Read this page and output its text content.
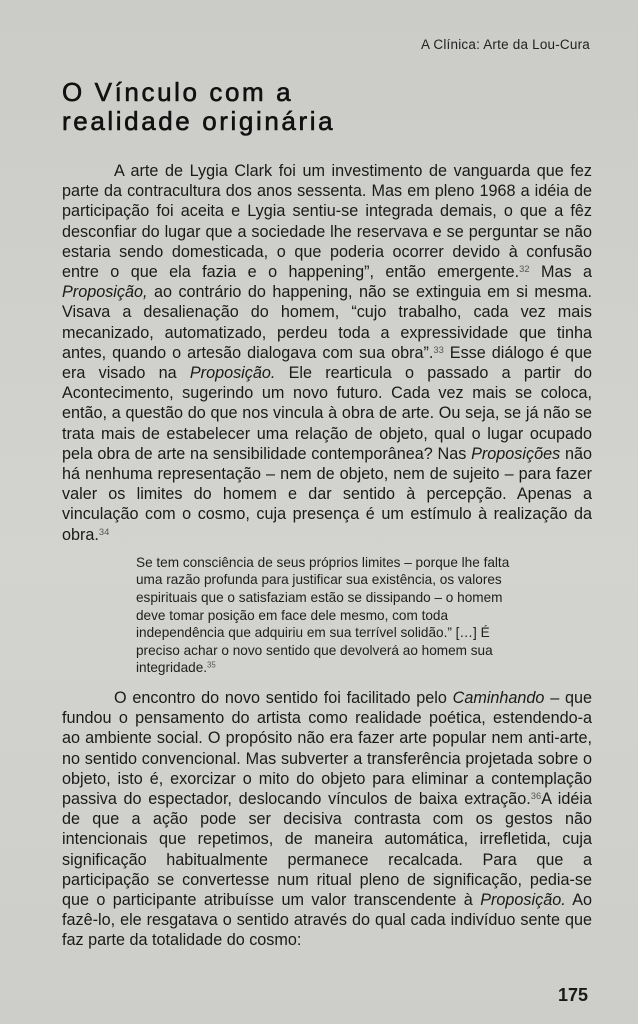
A Clínica: Arte da Lou-Cura
O Vínculo com a
realidade originária

A arte de Lygia Clark foi um investimento de vanguarda que fez parte da contracultura dos anos sessenta. Mas em pleno 1968 a idéia de participação foi aceita e Lygia sentiu-se integrada demais, o que a fêz desconfiar do lugar que a sociedade lhe reservava e se perguntar se não estaria sendo domesticada, o que poderia ocorrer devido à confusão entre o que ela fazia e o happening”, então emergente.$^{32}$ Mas a Proposição, ao contrário do happening, não se extinguia em si mesma. Visava a desalienação do homem, “cujo trabalho, cada vez mais mecanizado, automatizado, perdeu toda a expressividade que tinha antes, quando o artesão dialogava com sua obra”.$^{33}$ Esse diálogo é que era visado na Proposição. Ele rearticula o passado a partir do Acontecimento, sugerindo um novo futuro. Cada vez mais se coloca, então, a questão do que nos vincula à obra de arte. Ou seja, se já não se trata mais de estabelecer uma relação de objeto, qual o lugar ocupado pela obra de arte na sensibilidade contemporânea? Nas Proposições não há nenhuma representação – nem de objeto, nem de sujeito – para fazer valer os limites do homem e dar sentido à percepção. Apenas a vinculação com o cosmo, cuja presença é um estímulo à realização da obra.$^{34}$

Se tem consciência de seus próprios limites – porque lhe falta uma razão profunda para justificar sua existência, os valores espirituais que o satisfaziam estão se dissipando – o homem deve tomar posição em face dele mesmo, com toda independência que adquiriu em sua terrível solidão.” […] É preciso achar o novo sentido que devolverá ao homem sua integridade.$^{35}$

O encontro do novo sentido foi facilitado pelo Caminhando – que fundou o pensamento do artista como realidade poética, estendendo-a ao ambiente social. O propósito não era fazer arte popular nem anti-arte, no sentido convencional. Mas subverter a transferência projetada sobre o objeto, isto é, exorcizar o mito do objeto para eliminar a contemplação passiva do espectador, deslocando vínculos de baixa extração.$^{36}$A idéia de que a ação pode ser decisiva contrasta com os gestos não intencionais que repetimos, de maneira automática, irrefletida, cuja significação habitualmente permanece recalcada. Para que a participação se convertesse num ritual pleno de significação, pedia-se que o participante atribuísse um valor transcendente à Proposição. Ao fazê-lo, ele resgatava o sentido através do qual cada indivíduo sente que faz parte da totalidade do cosmo:

175
